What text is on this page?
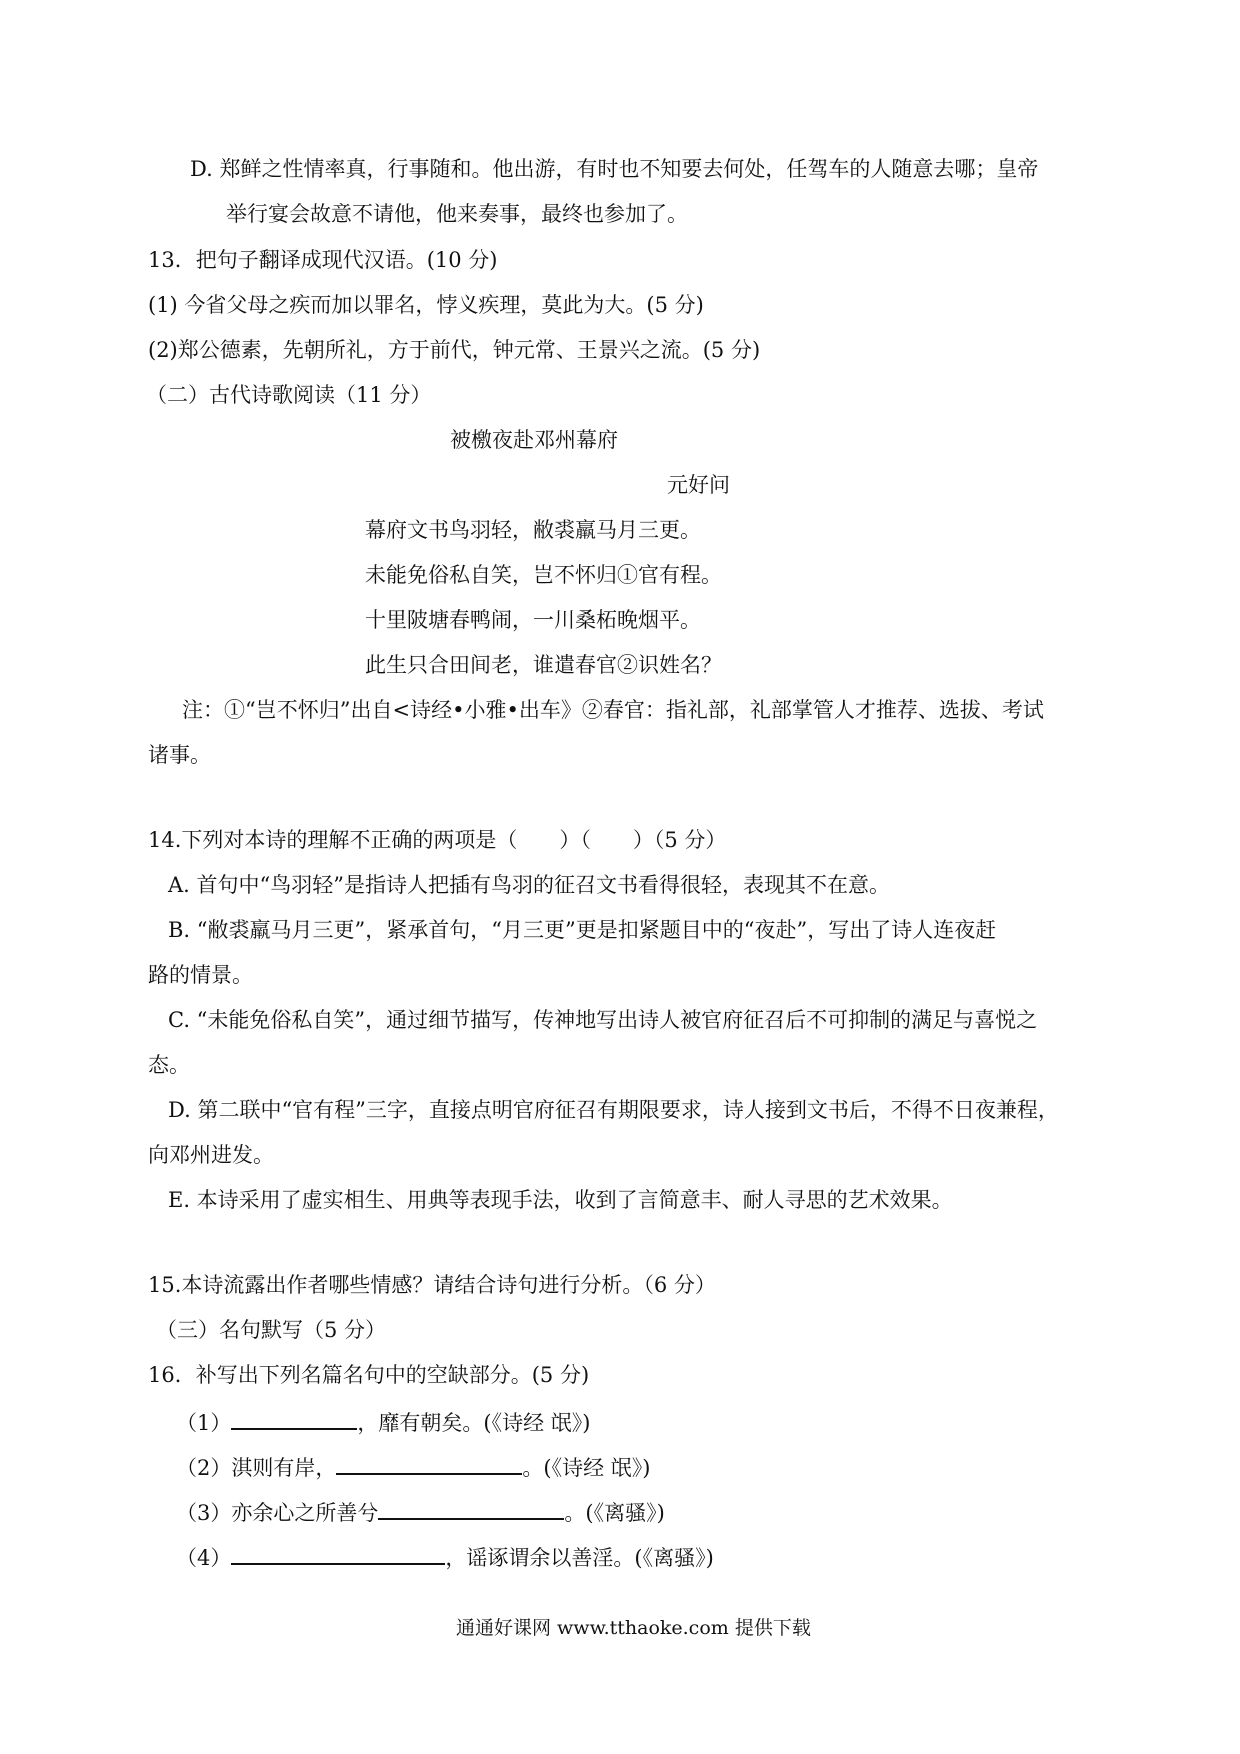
D. 郑鲜之性情率真，行事随和。他出游，有时也不知要去何处，任驾车的人随意去哪；皇帝
举行宴会故意不请他，他来奏事，最终也参加了。
13．把句子翻译成现代汉语。(10 分)
(1) 今省父母之疾而加以罪名，悖义疾理，莫此为大。(5 分)
(2)郑公德素，先朝所礼，方于前代，钟元常、王景兴之流。(5 分)
（二）古代诗歌阅读（11 分）
被檄夜赴邓州幕府
元好问
幕府文书鸟羽轻，敝裘羸马月三更。
未能免俗私自笑，岂不怀归①官有程。
十里陂塘春鸭闹，一川桑柘晚烟平。
此生只合田间老，谁遣春官②识姓名？
注：①“岂不怀归”出自<诗经•小雅•出车》②春官：指礼部，礼部掌管人才推荐、选拔、考试
诸事。
14.下列对本诗的理解不正确的两项是（　　）（　　）（5 分）
A. 首句中“鸟羽轻”是指诗人把插有鸟羽的征召文书看得很轻，表现其不在意。
B. “敝裘羸马月三更”，紧承首句，“月三更”更是扣紧题目中的“夜赴”，写出了诗人连夜赶
路的情景。
C. “未能免俗私自笑”，通过细节描写，传神地写出诗人被官府征召后不可抑制的满足与喜悦之
态。
D. 第二联中“官有程”三字，直接点明官府征召有期限要求，诗人接到文书后，不得不日夜兼程，
向邓州进发。
E. 本诗采用了虚实相生、用典等表现手法，收到了言简意丰、耐人寻思的艺术效果。
15.本诗流露出作者哪些情感？请结合诗句进行分析。（6 分）
（三）名句默写（5 分）
16．补写出下列名篇名句中的空缺部分。(5 分)
（1）	，靡有朝矣。(《诗经 氓》)
（2）淇则有岸，	。(《诗经 氓》)
（3）亦余心之所善兮	。(《离骚》)
（4）	，谣诼谓余以善淫。(《离骚》)
通通好课网 www.tthaoke.com 提供下载
